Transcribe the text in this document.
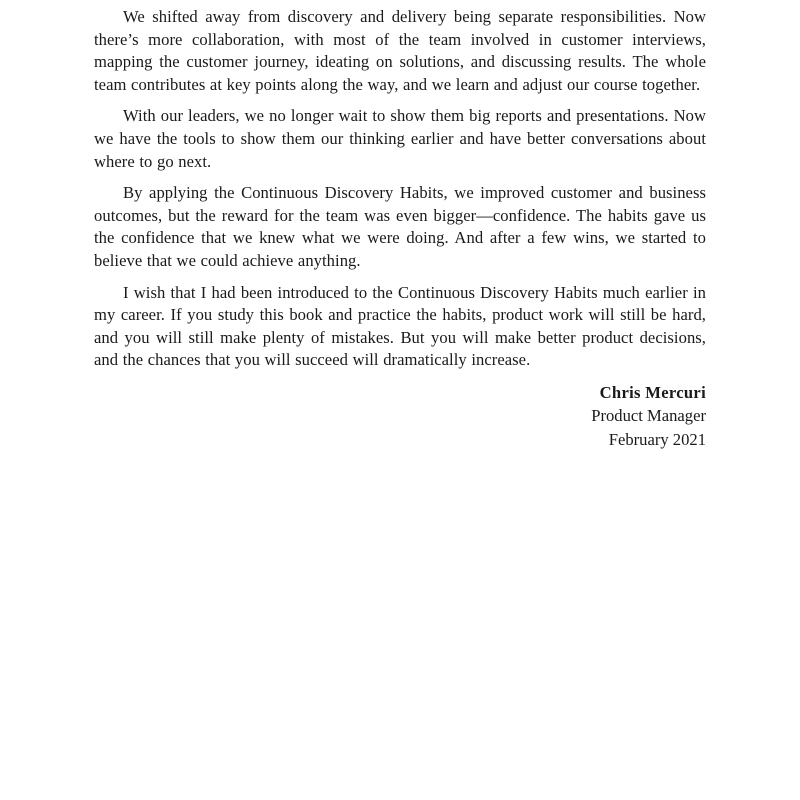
We shifted away from discovery and delivery being separate responsibilities. Now there’s more collaboration, with most of the team involved in customer interviews, mapping the customer journey, ideating on solutions, and discussing results. The whole team contributes at key points along the way, and we learn and adjust our course together.

With our leaders, we no longer wait to show them big reports and presentations. Now we have the tools to show them our thinking earlier and have better conversations about where to go next.

By applying the Continuous Discovery Habits, we improved customer and business outcomes, but the reward for the team was even bigger—confidence. The habits gave us the confidence that we knew what we were doing. And after a few wins, we started to believe that we could achieve anything.

I wish that I had been introduced to the Continuous Discovery Habits much earlier in my career. If you study this book and practice the habits, product work will still be hard, and you will still make plenty of mistakes. But you will make better product decisions, and the chances that you will succeed will dramatically increase.

Chris Mercuri
Product Manager
February 2021
